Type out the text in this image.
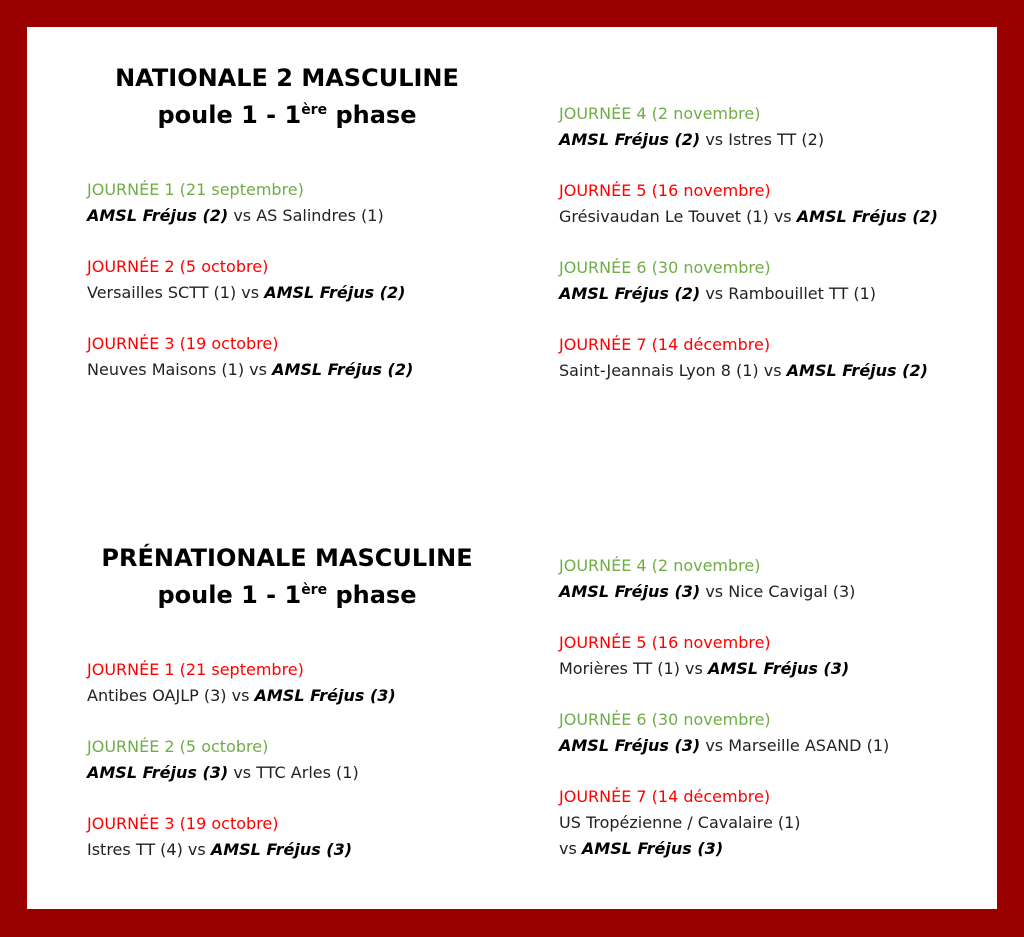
NATIONALE 2 MASCULINE
poule 1 - 1ère phase
JOURNÉE 1 (21 septembre)
AMSL Fréjus (2) vs AS Salindres (1)
JOURNÉE 2 (5 octobre)
Versailles SCTT (1) vs AMSL Fréjus (2)
JOURNÉE 3 (19 octobre)
Neuves Maisons (1) vs AMSL Fréjus (2)
JOURNÉE 4 (2 novembre)
AMSL Fréjus (2) vs Istres TT (2)
JOURNÉE 5 (16 novembre)
Grésivaudan Le Touvet (1) vs AMSL Fréjus (2)
JOURNÉE 6 (30 novembre)
AMSL Fréjus (2) vs Rambouillet TT (1)
JOURNÉE 7 (14 décembre)
Saint-Jeannais Lyon 8 (1) vs AMSL Fréjus (2)
PRÉNATIONALE MASCULINE
poule 1 - 1ère phase
JOURNÉE 1 (21 septembre)
Antibes OAJLP (3) vs AMSL Fréjus (3)
JOURNÉE 2 (5 octobre)
AMSL Fréjus (3) vs TTC Arles (1)
JOURNÉE 3 (19 octobre)
Istres TT (4) vs AMSL Fréjus (3)
JOURNÉE 4 (2 novembre)
AMSL Fréjus (3) vs Nice Cavigal (3)
JOURNÉE 5 (16 novembre)
Morières TT (1) vs AMSL Fréjus (3)
JOURNÉE 6 (30 novembre)
AMSL Fréjus (3) vs Marseille ASAND (1)
JOURNÉE 7 (14 décembre)
US Tropézienne / Cavalaire (1)
vs AMSL Fréjus (3)
